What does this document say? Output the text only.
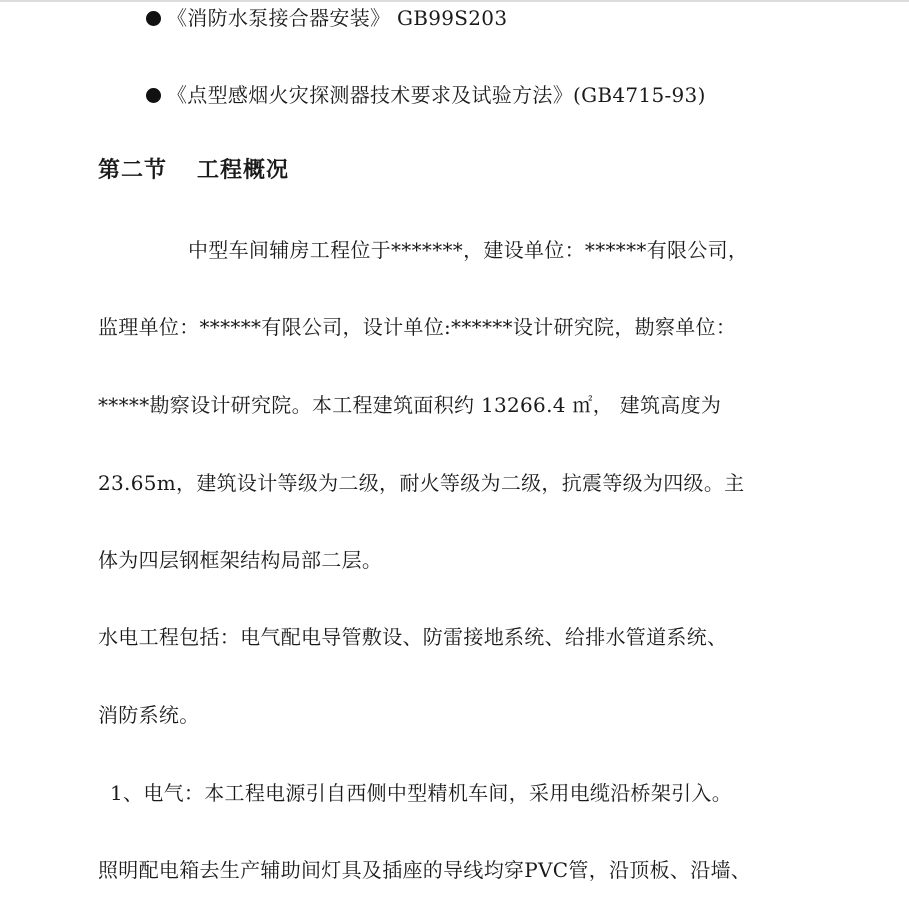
《消防水泵接合器安装》 GB99S203
《点型感烟火灾探测器技术要求及试验方法》(GB4715-93)
第二节 工程概况
中型车间辅房工程位于*******，建设单位：******有限公司，
监理单位：******有限公司，设计单位:******设计研究院，勘察单位：
*****勘察设计研究院。本工程建筑面积约 13266.4 ㎡， 建筑高度为
23.65m，建筑设计等级为二级，耐火等级为二级，抗震等级为四级。主
体为四层钢框架结构局部二层。
水电工程包括：电气配电导管敷设、防雷接地系统、给排水管道系统、
消防系统。
1、电气：本工程电源引自西侧中型精机车间，采用电缆沿桥架引入。
照明配电箱去生产辅助间灯具及插座的导线均穿PVC管，沿顶板、沿墙、
